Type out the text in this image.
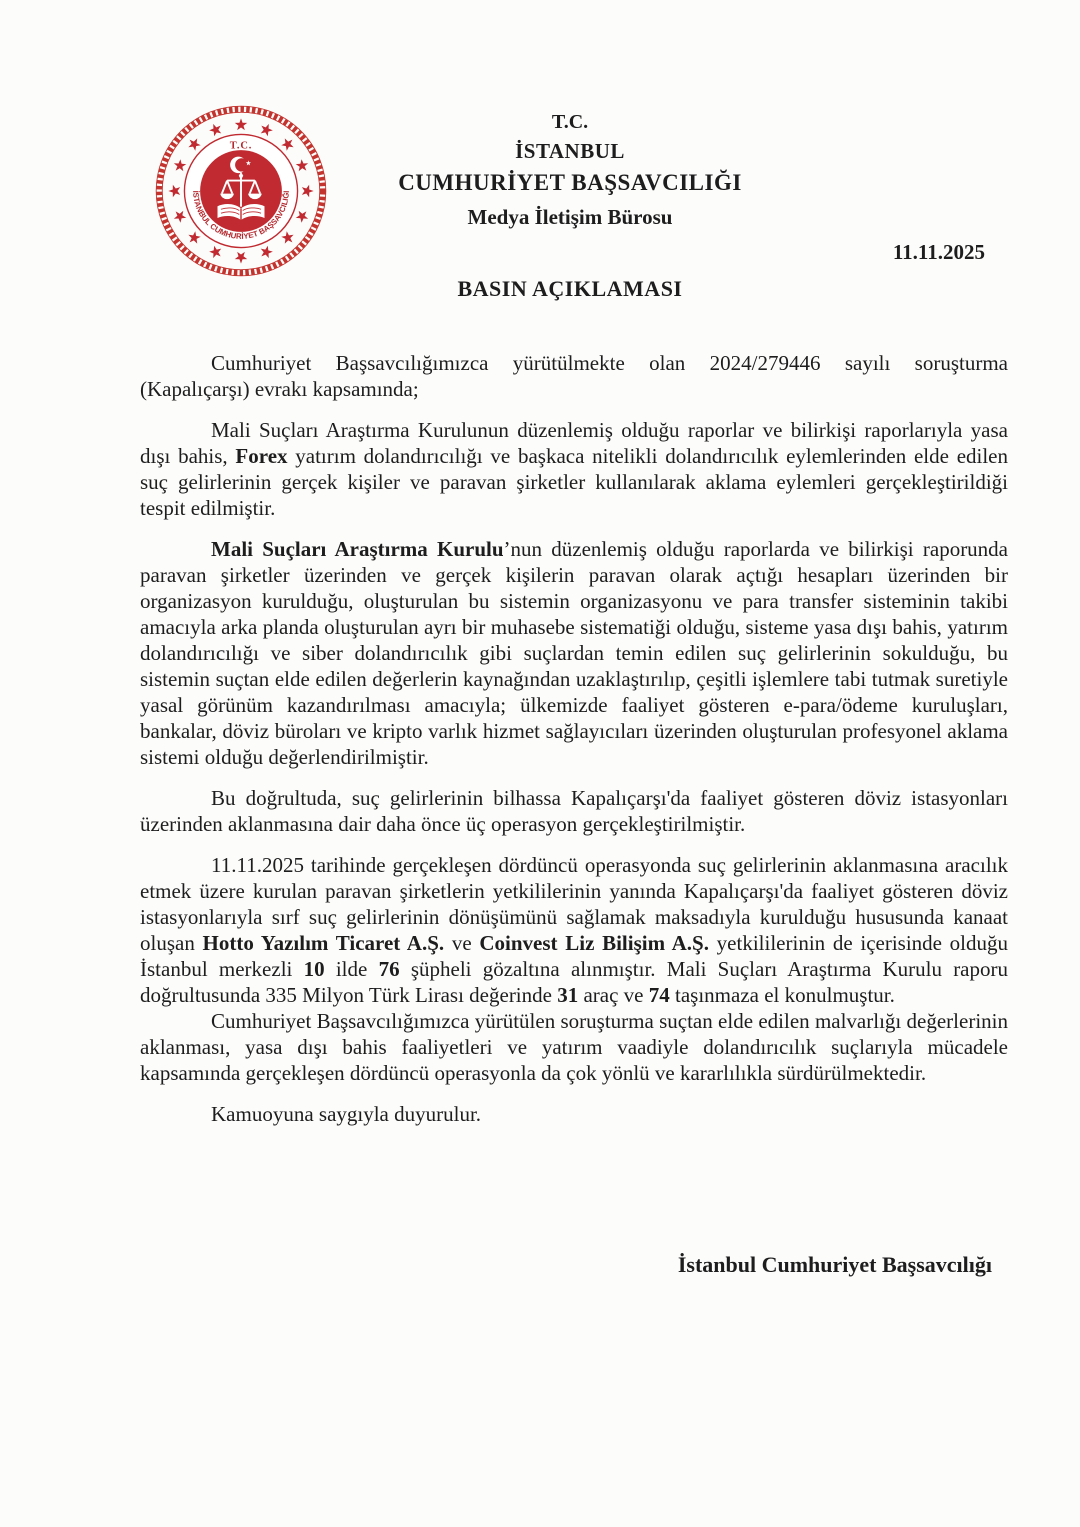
T.C.
İSTANBUL CUMHURİYET BAŞSAVCILIĞI
T.C.
İSTANBUL
CUMHURİYET BAŞSAVCILIĞI
Medya İletişim Bürosu
11.11.2025
BASIN AÇIKLAMASI

Cumhuriyet Başsavcılığımızca yürütülmekte olan 2024/279446 sayılı soruşturma (Kapalıçarşı) evrakı kapsamında;

Mali Suçları Araştırma Kurulunun düzenlemiş olduğu raporlar ve bilirkişi raporlarıyla yasa dışı bahis, Forex yatırım dolandırıcılığı ve başkaca nitelikli dolandırıcılık eylemlerinden elde edilen suç gelirlerinin gerçek kişiler ve paravan şirketler kullanılarak aklama eylemleri gerçekleştirildiği tespit edilmiştir.

Mali Suçları Araştırma Kurulu’nun düzenlemiş olduğu raporlarda ve bilirkişi raporunda paravan şirketler üzerinden ve gerçek kişilerin paravan olarak açtığı hesapları üzerinden bir organizasyon kurulduğu, oluşturulan bu sistemin organizasyonu ve para transfer sisteminin takibi amacıyla arka planda oluşturulan ayrı bir muhasebe sistematiği olduğu, sisteme yasa dışı bahis, yatırım dolandırıcılığı ve siber dolandırıcılık gibi suçlardan temin edilen suç gelirlerinin sokulduğu, bu sistemin suçtan elde edilen değerlerin kaynağından uzaklaştırılıp, çeşitli işlemlere tabi tutmak suretiyle yasal görünüm kazandırılması amacıyla; ülkemizde faaliyet gösteren e-para/ödeme kuruluşları, bankalar, döviz büroları ve kripto varlık hizmet sağlayıcıları üzerinden oluşturulan profesyonel aklama sistemi olduğu değerlendirilmiştir.

Bu doğrultuda, suç gelirlerinin bilhassa Kapalıçarşı'da faaliyet gösteren döviz istasyonları üzerinden aklanmasına dair daha önce üç operasyon gerçekleştirilmiştir.

11.11.2025 tarihinde gerçekleşen dördüncü operasyonda suç gelirlerinin aklanmasına aracılık etmek üzere kurulan paravan şirketlerin yetkililerinin yanında Kapalıçarşı'da faaliyet gösteren döviz istasyonlarıyla sırf suç gelirlerinin dönüşümünü sağlamak maksadıyla kurulduğu hususunda kanaat oluşan Hotto Yazılım Ticaret A.Ş. ve Coinvest Liz Bilişim A.Ş. yetkililerinin de içerisinde olduğu İstanbul merkezli 10 ilde 76 şüpheli gözaltına alınmıştır. Mali Suçları Araştırma Kurulu raporu doğrultusunda 335 Milyon Türk Lirası değerinde 31 araç ve 74 taşınmaza el konulmuştur.

Cumhuriyet Başsavcılığımızca yürütülen soruşturma suçtan elde edilen malvarlığı değerlerinin aklanması, yasa dışı bahis faaliyetleri ve yatırım vaadiyle dolandırıcılık suçlarıyla mücadele kapsamında gerçekleşen dördüncü operasyonla da çok yönlü ve kararlılıkla sürdürülmektedir.

Kamuoyuna saygıyla duyurulur.

İstanbul Cumhuriyet Başsavcılığı
